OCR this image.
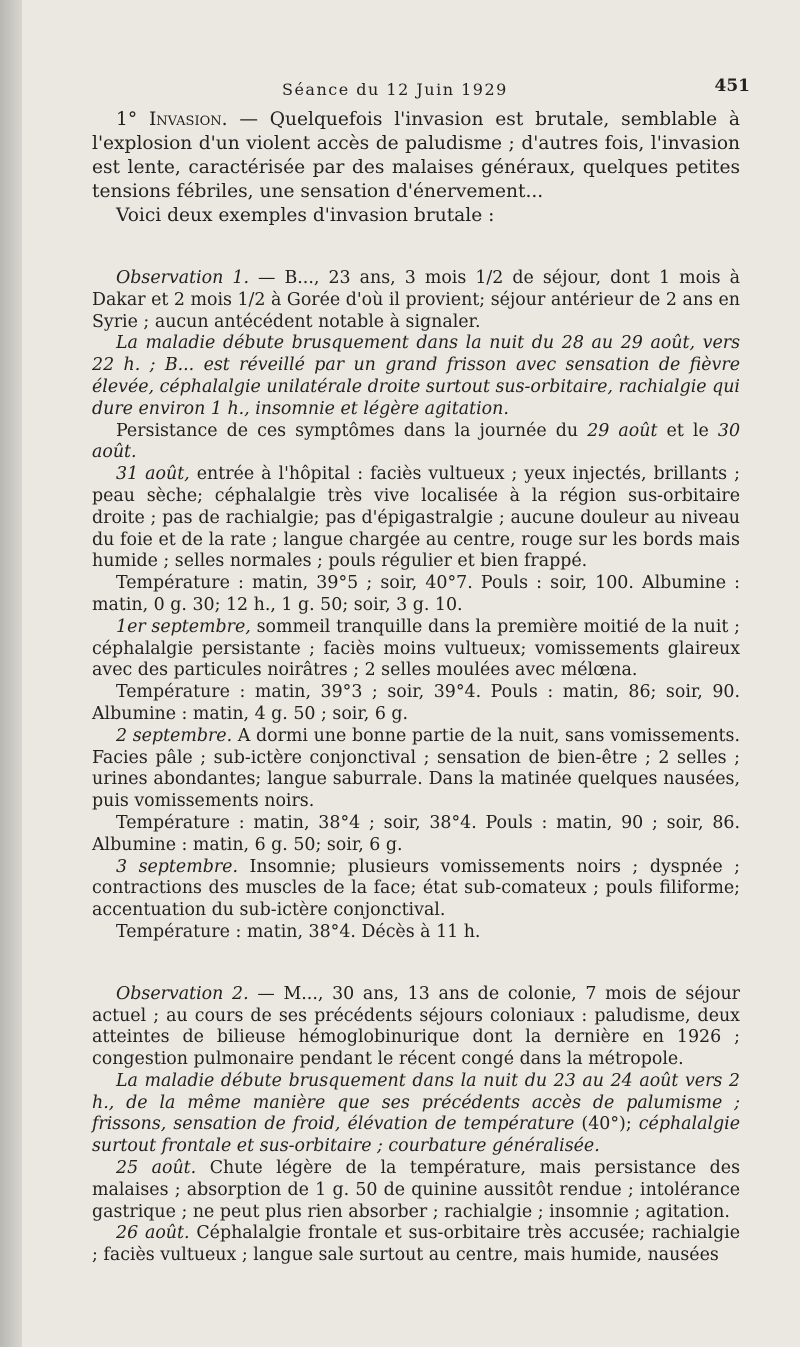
Séance du 12 Juin 1929	451

1° Invasion. — Quelquefois l'invasion est brutale, semblable à l'explosion d'un violent accès de paludisme ; d'autres fois, l'invasion est lente, caractérisée par des malaises généraux, quelques petites tensions fébriles, une sensation d'énervement...

Voici deux exemples d'invasion brutale :

Observation 1. — B..., 23 ans, 3 mois 1/2 de séjour, dont 1 mois à Dakar et 2 mois 1/2 à Gorée d'où il provient; séjour antérieur de 2 ans en Syrie ; aucun antécédent notable à signaler.

La maladie débute brusquement dans la nuit du 28 au 29 août, vers 22 h. ; B... est réveillé par un grand frisson avec sensation de fièvre élevée, céphalalgie unilatérale droite surtout sus-orbitaire, rachialgie qui dure environ 1 h., insomnie et légère agitation.

Persistance de ces symptômes dans la journée du 29 août et le 30 août.

31 août, entrée à l'hôpital : faciès vultueux ; yeux injectés, brillants ; peau sèche; céphalalgie très vive localisée à la région sus-orbitaire droite ; pas de rachialgie; pas d'épigastralgie ; aucune douleur au niveau du foie et de la rate ; langue chargée au centre, rouge sur les bords mais humide ; selles normales ; pouls régulier et bien frappé.

Température : matin, 39°5 ; soir, 40°7. Pouls : soir, 100. Albumine : matin, 0 g. 30; 12 h., 1 g. 50; soir, 3 g. 10.

1er septembre, sommeil tranquille dans la première moitié de la nuit ; céphalalgie persistante ; faciès moins vultueux; vomissements glaireux avec des particules noirâtres ; 2 selles moulées avec mélœna.

Température : matin, 39°3 ; soir, 39°4. Pouls : matin, 86; soir, 90. Albumine : matin, 4 g. 50 ; soir, 6 g.

2 septembre. A dormi une bonne partie de la nuit, sans vomissements. Facies pâle ; sub-ictère conjonctival ; sensation de bien-être ; 2 selles ; urines abondantes; langue saburrale. Dans la matinée quelques nausées, puis vomissements noirs.

Température : matin, 38°4 ; soir, 38°4. Pouls : matin, 90 ; soir, 86. Albumine : matin, 6 g. 50; soir, 6 g.

3 septembre. Insomnie; plusieurs vomissements noirs ; dyspnée ; contractions des muscles de la face; état sub-comateux ; pouls filiforme; accentuation du sub-ictère conjonctival.

Température : matin, 38°4. Décès à 11 h.

Observation 2. — M..., 30 ans, 13 ans de colonie, 7 mois de séjour actuel ; au cours de ses précédents séjours coloniaux : paludisme, deux atteintes de bilieuse hémoglobinurique dont la dernière en 1926 ; congestion pulmonaire pendant le récent congé dans la métropole.

La maladie débute brusquement dans la nuit du 23 au 24 août vers 2 h., de la même manière que ses précédents accès de palumisme ; frissons, sensation de froid, élévation de température (40°); céphalalgie surtout frontale et sus-orbitaire ; courbature généralisée.

25 août. Chute légère de la température, mais persistance des malaises ; absorption de 1 g. 50 de quinine aussitôt rendue ; intolérance gastrique ; ne peut plus rien absorber ; rachialgie ; insomnie ; agitation.

26 août. Céphalalgie frontale et sus-orbitaire très accusée; rachialgie ; faciès vultueux ; langue sale surtout au centre, mais humide, nausées
